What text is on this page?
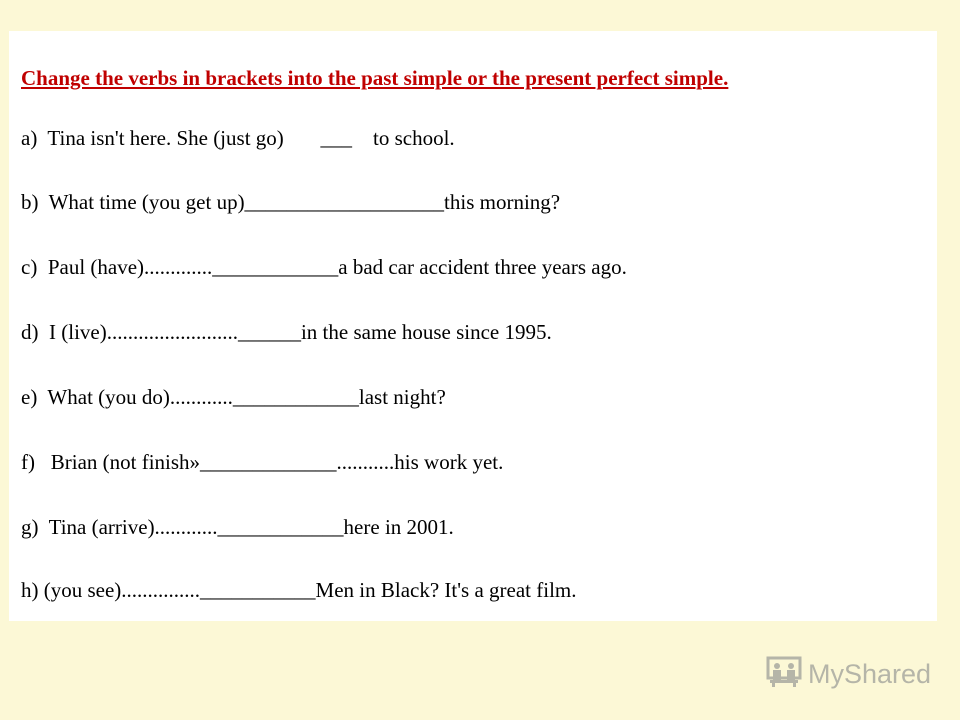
Change the verbs in brackets into the past simple or the present perfect simple.

a)  Tina isn't here. She (just go)       ___    to school.

b)  What time (you get up)___________________this morning?

c)  Paul (have).............____________a bad car accident three years ago.

d)  I (live).........................______in the same house since 1995.

e)  What (you do)............____________last night?

f)   Brian (not finish»_____________...........his work yet.

g)  Tina (arrive)............____________here in 2001.

h) (you see)...............___________Men in Black? It's a great film.

MyShared
